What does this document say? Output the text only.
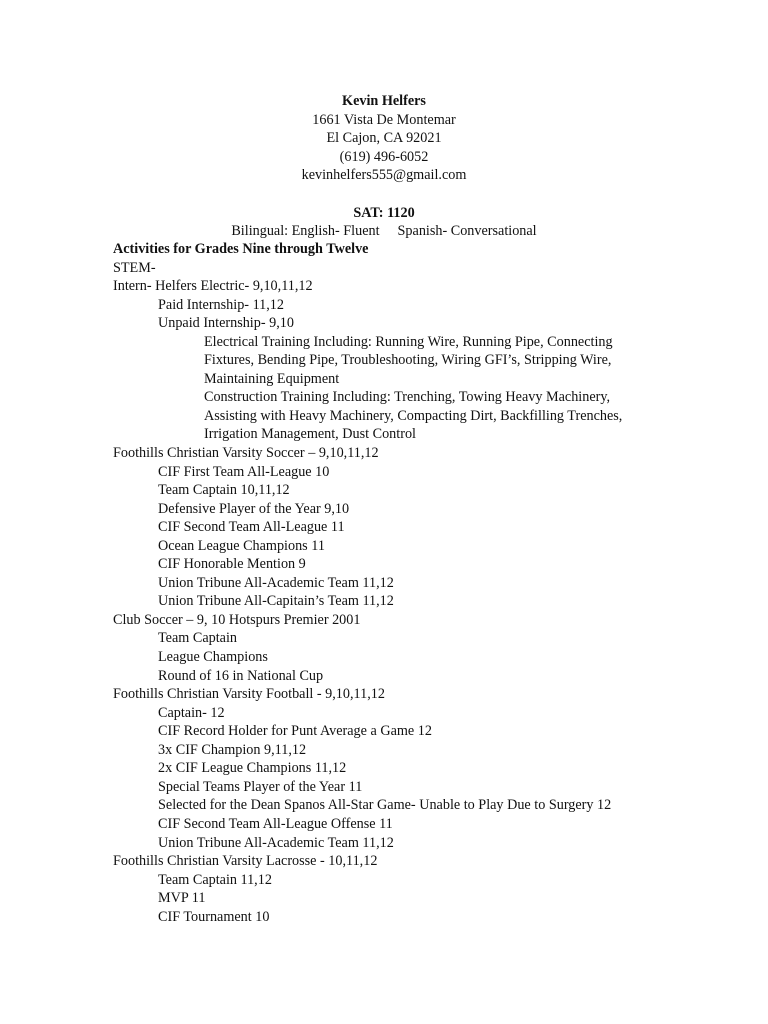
Kevin Helfers
1661 Vista De Montemar
El Cajon, CA 92021
(619) 496-6052
kevinhelfers555@gmail.com
SAT: 1120
Bilingual: English- Fluent Spanish- Conversational
Activities for Grades Nine through Twelve
STEM-
Intern- Helfers Electric- 9,10,11,12
Paid Internship- 11,12
Unpaid Internship- 9,10
Electrical Training Including: Running Wire, Running Pipe, Connecting Fixtures, Bending Pipe, Troubleshooting, Wiring GFI’s, Stripping Wire, Maintaining Equipment
Construction Training Including: Trenching, Towing Heavy Machinery, Assisting with Heavy Machinery, Compacting Dirt, Backfilling Trenches, Irrigation Management, Dust Control
Foothills Christian Varsity Soccer – 9,10,11,12
CIF First Team All-League 10
Team Captain 10,11,12
Defensive Player of the Year 9,10
CIF Second Team All-League 11
Ocean League Champions 11
CIF Honorable Mention 9
Union Tribune All-Academic Team 11,12
Union Tribune All-Capitain’s Team 11,12
Club Soccer – 9, 10 Hotspurs Premier 2001
Team Captain
League Champions
Round of 16 in National Cup
Foothills Christian Varsity Football - 9,10,11,12
Captain- 12
CIF Record Holder for Punt Average a Game 12
3x CIF Champion 9,11,12
2x CIF League Champions 11,12
Special Teams Player of the Year 11
Selected for the Dean Spanos All-Star Game- Unable to Play Due to Surgery 12
CIF Second Team All-League Offense 11
Union Tribune All-Academic Team 11,12
Foothills Christian Varsity Lacrosse - 10,11,12
Team Captain 11,12
MVP 11
CIF Tournament 10
